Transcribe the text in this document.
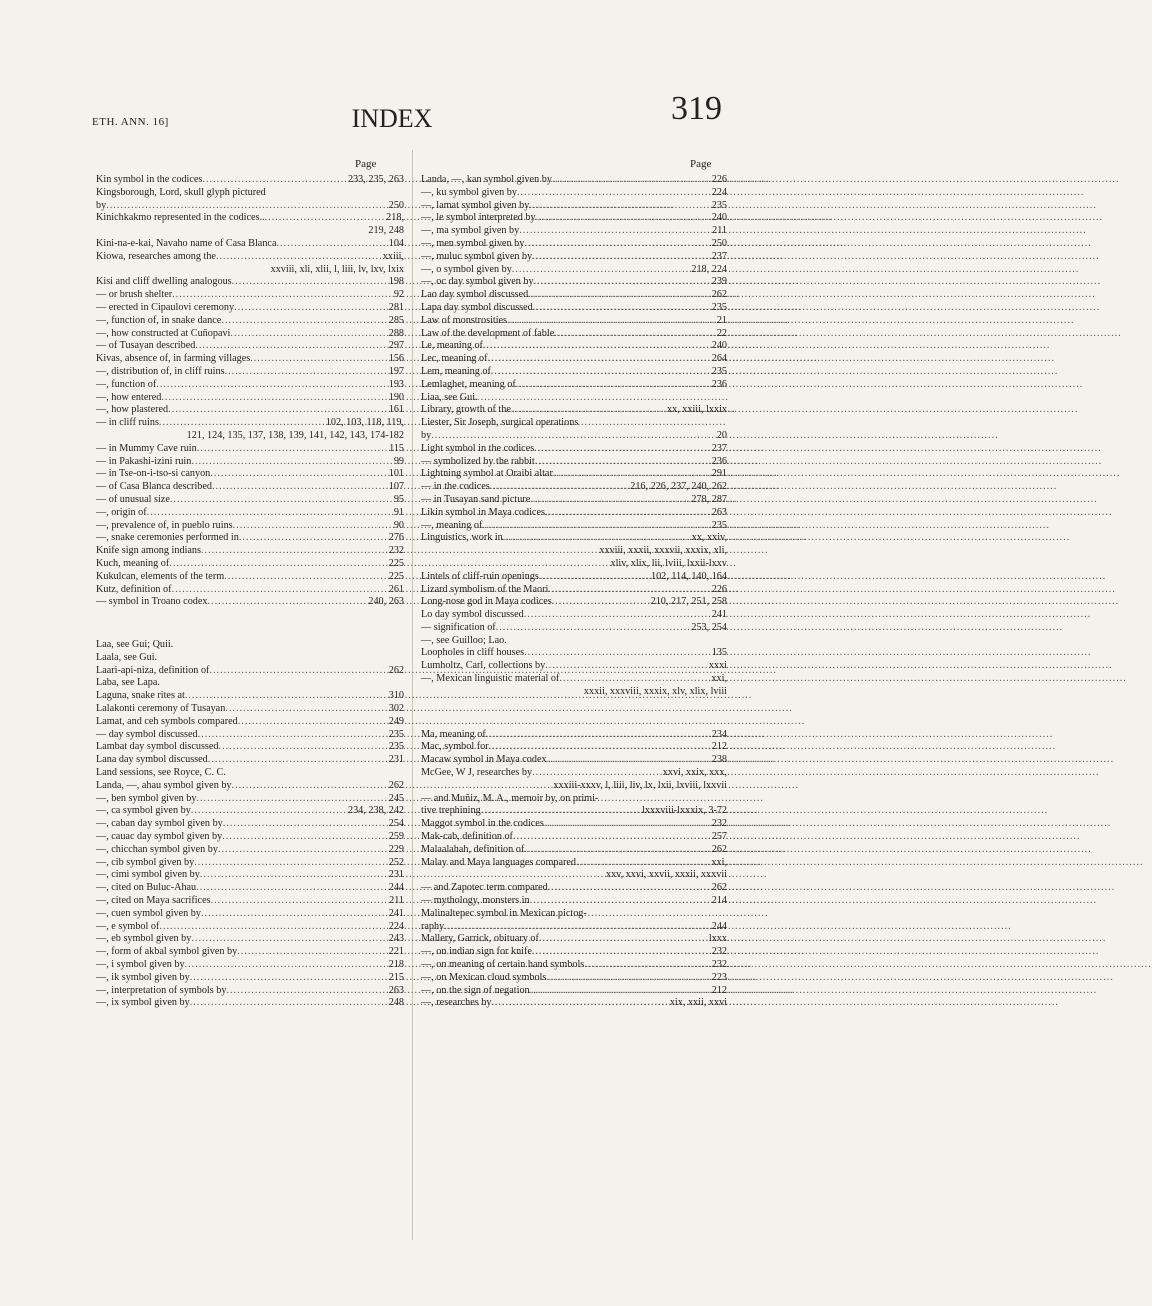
ETH. ANN. 16]	INDEX	319
Page	Page
Kin symbol in the codices .....	233, 235, 263
Kingsborough, Lord, skull glyph pictured
by .....	250
Kinichkakmo represented in the codices.. .....	218,
219, 248
Kini-na-e-kai, Navaho name of Casa Blanca .....	104
Kiowa, researches among the .....	xxiii,
xxviii, xli, xlii, l, liii, lv, lxv, lxix
Kisi and cliff dwelling analogous .....	198
— or brush shelter .....	92
— erected in Cipaulovi ceremony .....	281
—, function of, in snake dance .....	285
—, how constructed at Cuñopavi .....	288
— of Tusayan described .....	297
Kivas, absence of, in farming villages .....	156
—, distribution of, in cliff ruins .....	197
—, function of .....	193
—, how entered .....	190
—, how plastered .....	161
— in cliff ruins .....	102, 103, 118, 119,
121, 124, 135, 137, 138, 139, 141, 142, 143, 174-182
— in Mummy Cave ruin .....	115
— in Pakashi-izini ruin .....	99
— in Tse-on-i-tso-si canyon .....	101
— of Casa Blanca described .....	107
— of unusual size .....	95
—, origin of .....	91
—, prevalence of, in pueblo ruins .....	90
—, snake ceremonies performed in .....	276
Knife sign among indians .....	232
Kuch, meaning of .....	225
Kukulcan, elements of the term .....	225
Kutz, definition of .....	261
— symbol in Troano codex .....	240, 263
Laa, see Gui; Quii.
Laala, see Gui.
Laari-api-niza, definition of .....	262
Laba, see Lapa.
Laguna, snake rites at .....	310
Lalakonti ceremony of Tusayan .....	302
Lamat, and ceh symbols compared .....	249
— day symbol discussed .....	235
Lambat day symbol discussed .....	235
Lana day symbol discussed .....	231
Land sessions, see Royce, C. C.
Landa, —, ahau symbol given by .....	262
—, ben symbol given by .....	245
—, ca symbol given by .....	234, 238, 242
—, caban day symbol given by .....	254
—, cauac day symbol given by .....	259
—, chicchan symbol given by .....	229
—, cib symbol given by .....	252
—, cimi symbol given by .....	231
—, cited on Buluc-Ahau .....	244
—, cited on Maya sacrifices .....	211
—, cuen symbol given by .....	241
—, e symbol of .....	224
—, eb symbol given by .....	243
—, form of akbal symbol given by .....	221
—, i symbol given by .....	218
—, ik symbol given by .....	215
—, interpretation of symbols by .....	263
—, ix symbol given by .....	248
Landa, —, kan symbol given by .....	226
—, ku symbol given by .....	224
—, lamat symbol given by .....	235
—, le symbol interpreted by .....	240
—, ma symbol given by .....	211
—, men symbol given by .....	250
—, muluc symbol given by .....	237
—, o symbol given by .....	218, 224
—, oc day symbol given by .....	239
Lao day symbol discussed .....	262
Lapa day symbol discussed .....	235
Law of monstrosities .....	21
Law of the development of fable .....	22
Le, meaning of .....	240
Lec, meaning of .....	264
Lem, meaning of .....	235
Lemlaghet, meaning of .....	236
Liaa, see Gui.
Library, growth of the .....	xx, xxiii, lxxix
Liester, Sir Joseph, surgical operations
by .....	20
Light symbol in the codices .....	237
— symbolized by the rabbit .....	236
Lightning symbol at Oraibi altar .....	291
— in the codices .....	216, 226, 237, 240, 262
— in Tusayan sand picture .....	278, 287
Likin symbol in Maya codices .....	263
—, meaning of .....	235
Linguistics, work in .....	xx, xxiv,
xxviii, xxxii, xxxvii, xxxix, xli,
xliv, xlix, lii, lviii, lxxii-lxxv
Lintels of cliff-ruin openings .....	102, 114, 140, 164
Lizard symbolism of the Maori .....	226
Long-nose god in Maya codices .....	210, 217, 251, 258
Lo day symbol discussed .....	241
— signification of .....	253, 254
—, see Guilloo; Lao.
Loopholes in cliff houses .....	135
Lumholtz, Carl, collections by .....	xxxi
—, Mexican linguistic material of .....	xxi,
xxxii, xxxviii, xxxix, xlv, xlix, lviii
Ma, meaning of .....	234
Mac, symbol for .....	212
Macaw symbol in Maya codex .....	238
McGee, W J, researches by .....	xxvi, xxix, xxx,
xxxiii-xxxv, l, liii, liv, lx, lxii, lxviii, lxxvii
— and Muñiz, M. A., memoir by, on primi-
tive trephining .....	lxxxviii-lxxxix, 3-72
Maggot symbol in the codices .....	232
Mak-cab, definition of .....	257
Malaalahah, definition of .....	262
Malay and Maya languages compared .....	xxi,
xxv, xxvi, xxvii, xxxii, xxxvii
— and Zapotec term compared .....	262
— mythology, monsters in .....	214
Malinaltepec symbol in Mexican pictog-
raphy .....	244
Mallery, Garrick, obituary of .....	lxxx
—, on indian sign for knife .....	232
—, on meaning of certain hand symbols .....	232
—, on Mexican cloud symbols .....	223
—, on the sign of negation .....	212
—, researches by .....	xix, xxii, xxvi
